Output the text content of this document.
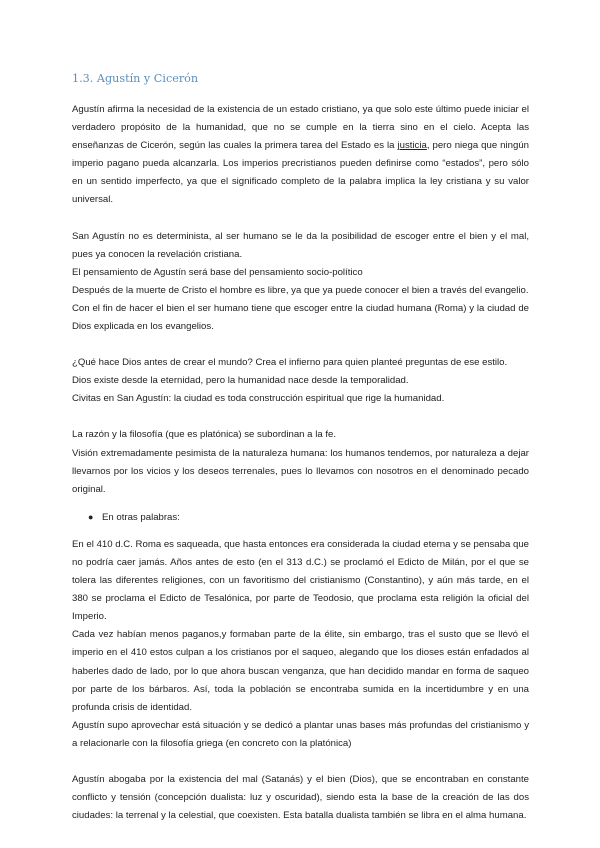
1.3. Agustín y Cicerón

Agustín afirma la necesidad de la existencia de un estado cristiano, ya que solo este último puede iniciar el verdadero propósito de la humanidad, que no se cumple en la tierra sino en el cielo. Acepta las enseñanzas de Cicerón, según las cuales la primera tarea del Estado es la justicia, pero niega que ningún imperio pagano pueda alcanzarla. Los imperios precristianos pueden definirse como “estados”, pero sólo en un sentido imperfecto, ya que el significado completo de la palabra implica la ley cristiana y su valor universal.

San Agustín no es determinista, al ser humano se le da la posibilidad de escoger entre el bien y el mal, pues ya conocen la revelación cristiana.

El pensamiento de Agustín será base del pensamiento socio-político

Después de la muerte de Cristo el hombre es libre, ya que ya puede conocer el bien a través del evangelio.

Con el fin de hacer el bien el ser humano tiene que escoger entre la ciudad humana (Roma) y la ciudad de Dios explicada en los evangelios.

¿Qué hace Dios antes de crear el mundo? Crea el infierno para quien planteé preguntas de ese estilo.

Dios existe desde la eternidad, pero la humanidad nace desde la temporalidad.

Civitas en San Agustín: la ciudad es toda construcción espiritual que rige la humanidad.

La razón y la filosofía (que es platónica) se subordinan a la fe.

Visión extremadamente pesimista de la naturaleza humana: los humanos tendemos, por naturaleza a dejar llevarnos por los vicios y los deseos terrenales, pues lo llevamos con nosotros en el denominado pecado original.

● En otras palabras:

En el 410 d.C. Roma es saqueada, que hasta entonces era considerada la ciudad eterna y se pensaba que no podría caer jamás. Años antes de esto (en el 313 d.C.) se proclamó el Edicto de Milán, por el que se tolera las diferentes religiones, con un favoritismo del cristianismo (Constantino), y aún más tarde, en el 380 se proclama el Edicto de Tesalónica, por parte de Teodosio, que proclama esta religión la oficial del Imperio.

Cada vez habían menos paganos,y formaban parte de la élite, sin embargo, tras el susto que se llevó el imperio en el 410 estos culpan a los cristianos por el saqueo, alegando que los dioses están enfadados al haberles dado de lado, por lo que ahora buscan venganza, que han decidido mandar en forma de saqueo por parte de los bárbaros. Así, toda la población se encontraba sumida en la incertidumbre y en una profunda crisis de identidad.

Agustín supo aprovechar está situación y se dedicó a plantar unas bases más profundas del cristianismo y a relacionarle con la filosofía griega (en concreto con la platónica)

Agustín abogaba por la existencia del mal (Satanás) y el bien (Dios), que se encontraban en constante conflicto y tensión (concepción dualista: luz y oscuridad), siendo esta la base de la creación de las dos ciudades: la terrenal y la celestial, que coexisten. Esta batalla dualista también se libra en el alma humana.
